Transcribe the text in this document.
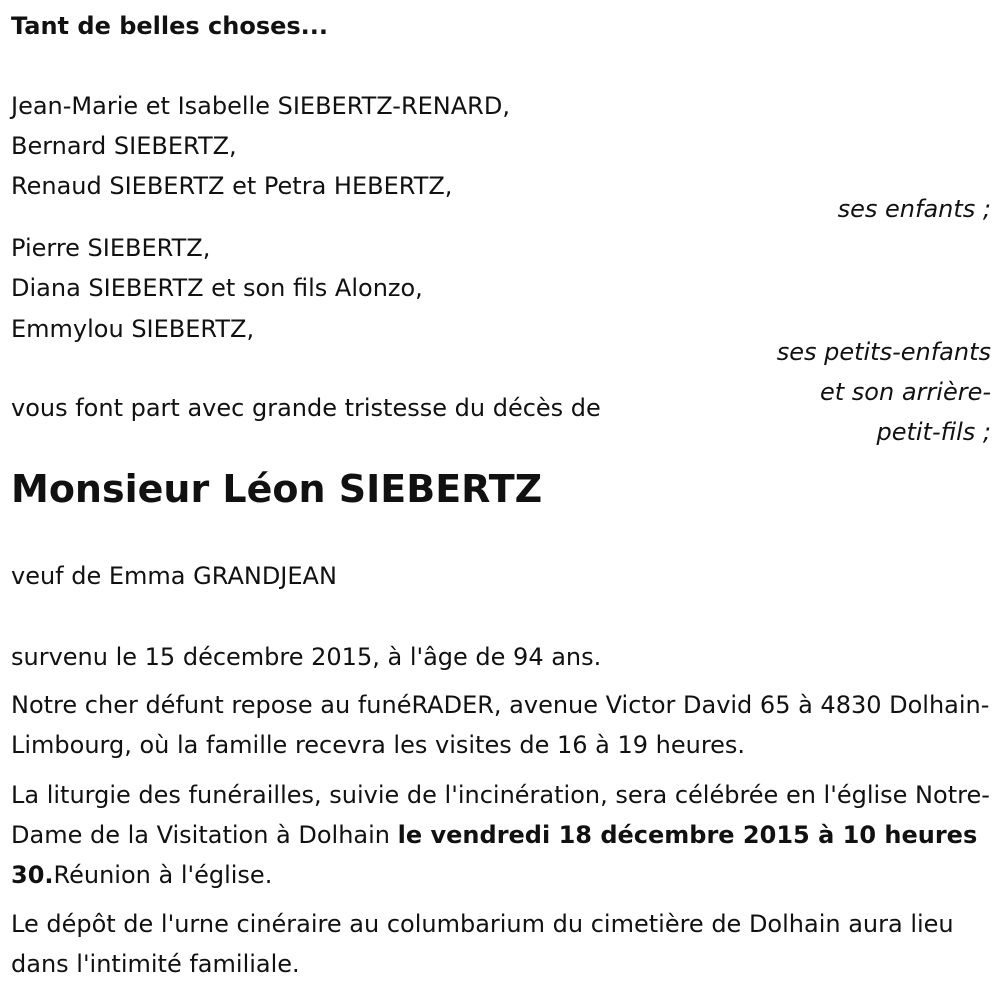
Tant de belles choses...
Jean-Marie et Isabelle SIEBERTZ-RENARD,
Bernard SIEBERTZ,
Renaud SIEBERTZ et Petra HEBERTZ,
ses enfants ;
Pierre SIEBERTZ,
Diana SIEBERTZ et son fils Alonzo,
Emmylou SIEBERTZ,
ses petits-enfants
et son arrière-
petit-fils ;
vous font part avec grande tristesse du décès de
Monsieur Léon SIEBERTZ
veuf de Emma GRANDJEAN
survenu le 15 décembre 2015, à l'âge de 94 ans.
Notre cher défunt repose au funéRADER, avenue Victor David 65 à 4830 Dolhain-Limbourg, où la famille recevra les visites de 16 à 19 heures.
La liturgie des funérailles, suivie de l'incinération, sera célébrée en l'église Notre-Dame de la Visitation à Dolhain le vendredi 18 décembre 2015 à 10 heures 30.Réunion à l'église.
Le dépôt de l'urne cinéraire au columbarium du cimetière de Dolhain aura lieu dans l'intimité familiale.
